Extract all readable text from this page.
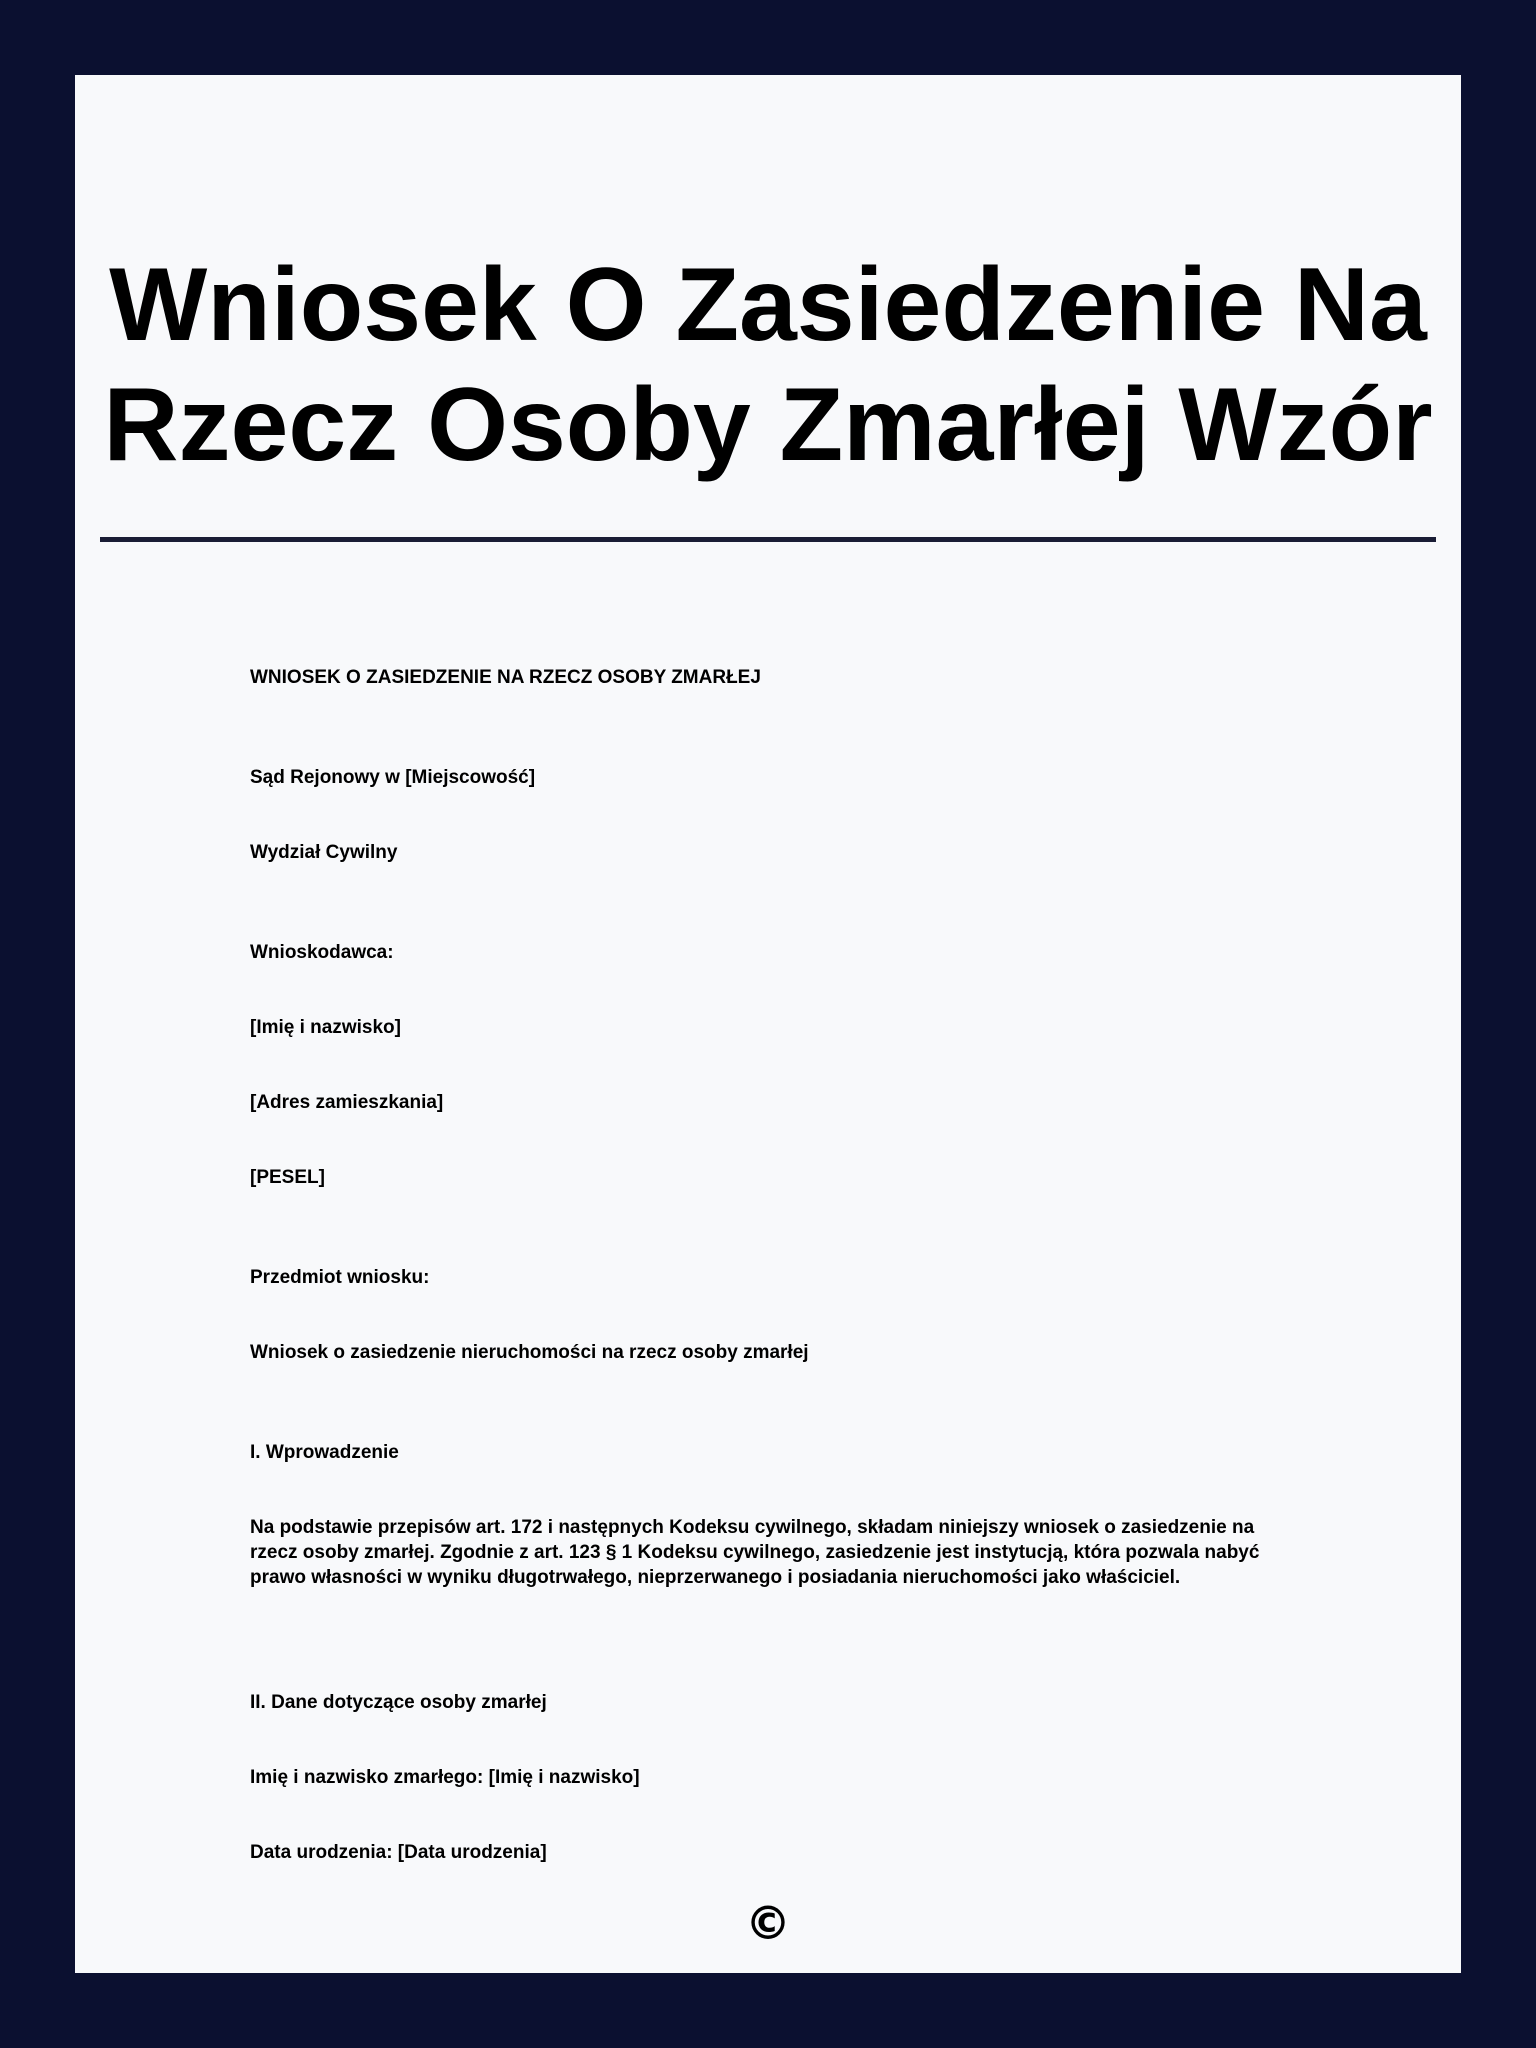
Wniosek O Zasiedzenie Na
Rzecz Osoby Zmarłej Wzór

WNIOSEK O ZASIEDZENIE NA RZECZ OSOBY ZMARŁEJ

Sąd Rejonowy w [Miejscowość]

Wydział Cywilny

Wnioskodawca:

[Imię i nazwisko]

[Adres zamieszkania]

[PESEL]

Przedmiot wniosku:

Wniosek o zasiedzenie nieruchomości na rzecz osoby zmarłej

I. Wprowadzenie

Na podstawie przepisów art. 172 i następnych Kodeksu cywilnego, składam niniejszy wniosek o zasiedzenie na rzecz osoby zmarłej. Zgodnie z art. 123 § 1 Kodeksu cywilnego, zasiedzenie jest instytucją, która pozwala nabyć prawo własności w wyniku długotrwałego, nieprzerwanego i posiadania nieruchomości jako właściciel.

II. Dane dotyczące osoby zmarłej

Imię i nazwisko zmarłego: [Imię i nazwisko]

Data urodzenia: [Data urodzenia]

©
